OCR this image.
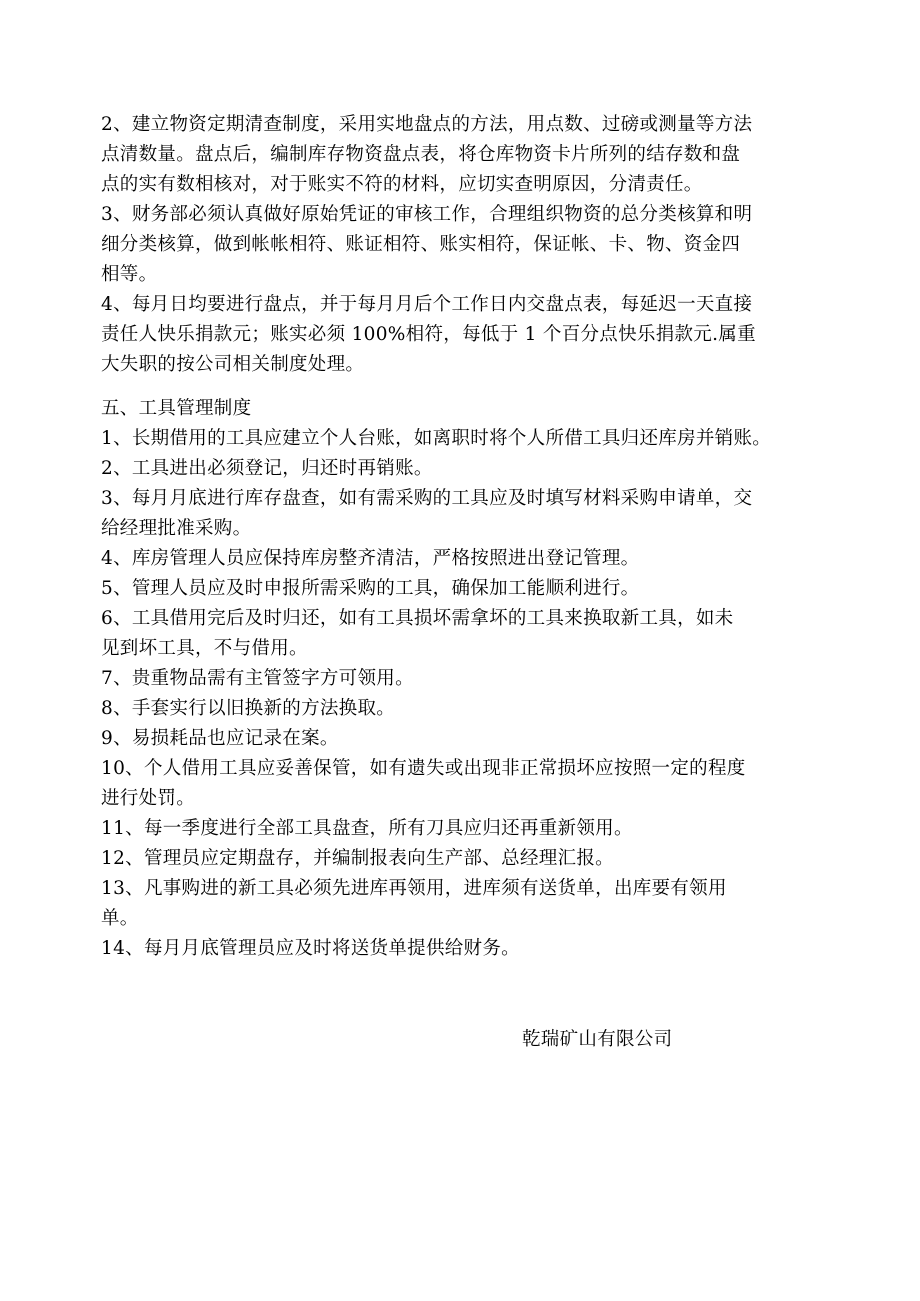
2、建立物资定期清查制度，采用实地盘点的方法，用点数、过磅或测量等方法
点清数量。盘点后，编制库存物资盘点表，将仓库物资卡片所列的结存数和盘
点的实有数相核对，对于账实不符的材料，应切实查明原因，分清责任。
3、财务部必须认真做好原始凭证的审核工作，合理组织物资的总分类核算和明
细分类核算，做到帐帐相符、账证相符、账实相符，保证帐、卡、物、资金四
相等。
4、每月日均要进行盘点，并于每月月后个工作日内交盘点表，每延迟一天直接
责任人快乐捐款元；账实必须 100%相符，每低于 1 个百分点快乐捐款元.属重
大失职的按公司相关制度处理。
五、工具管理制度
1、长期借用的工具应建立个人台账，如离职时将个人所借工具归还库房并销账。
2、工具进出必须登记，归还时再销账。
3、每月月底进行库存盘查，如有需采购的工具应及时填写材料采购申请单，交
给经理批准采购。
4、库房管理人员应保持库房整齐清洁，严格按照进出登记管理。
5、管理人员应及时申报所需采购的工具，确保加工能顺利进行。
6、工具借用完后及时归还，如有工具损坏需拿坏的工具来换取新工具，如未
见到坏工具，不与借用。
7、贵重物品需有主管签字方可领用。
8、手套实行以旧换新的方法换取。
9、易损耗品也应记录在案。
10、个人借用工具应妥善保管，如有遗失或出现非正常损坏应按照一定的程度
进行处罚。
11、每一季度进行全部工具盘查，所有刀具应归还再重新领用。
12、管理员应定期盘存，并编制报表向生产部、总经理汇报。
13、凡事购进的新工具必须先进库再领用，进库须有送货单，出库要有领用
单。
14、每月月底管理员应及时将送货单提供给财务。
乾瑞矿山有限公司
